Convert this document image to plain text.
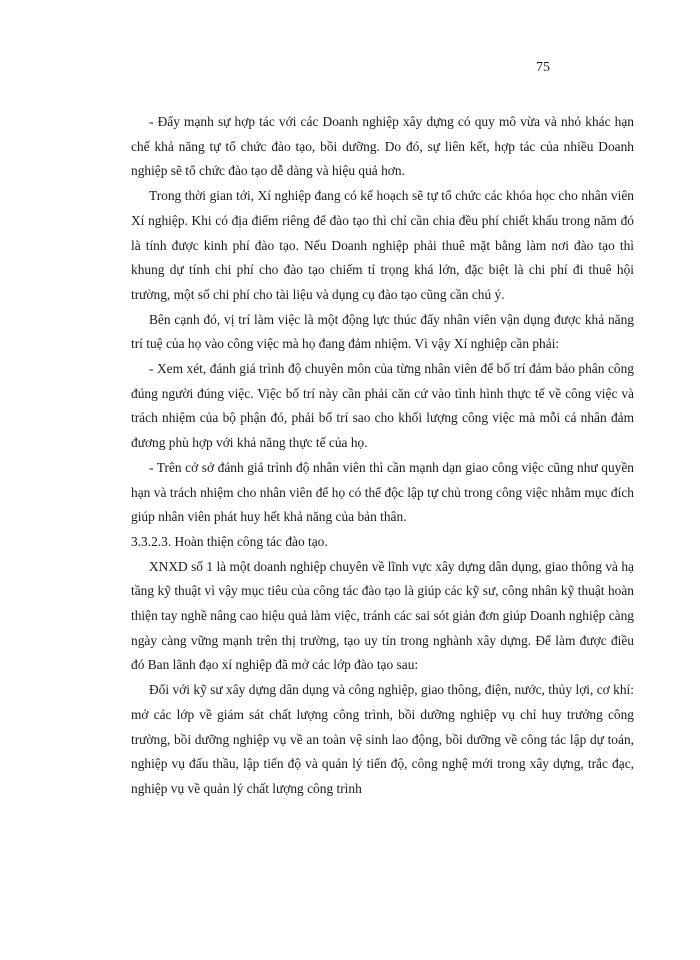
75

- Đẩy mạnh sự hợp tác với các Doanh nghiệp xây dựng có quy mô vừa và nhỏ khác hạn chế khả năng tự tổ chức đào tạo, bồi dưỡng. Do đó, sự liên kết, hợp tác của nhiều Doanh nghiệp sẽ tổ chức đào tạo dễ dàng và hiệu quả hơn.

Trong thời gian tới, Xí nghiệp đang có kế hoạch sẽ tự tổ chức các khóa học cho nhân viên Xí nghiệp. Khi có địa điểm riêng để đào tạo thì chỉ cần chia đều phí chiết khấu trong năm đó là tính được kinh phí đào tạo. Nếu Doanh nghiệp phải thuê mặt bằng làm nơi đào tạo thì khung dự tính chi phí cho đào tạo chiếm tỉ trọng khá lớn, đặc biệt là chi phí đi thuê hội trường, một số chi phí cho tài liệu và dụng cụ đào tạo cũng cần chú ý.

Bên cạnh đó, vị trí làm việc là một động lực thúc đẩy nhân viên vận dụng được khả năng trí tuệ của họ vào công việc mà họ đang đảm nhiệm. Vì vậy Xí nghiệp cần phải:

- Xem xét, đánh giá trình độ chuyên môn của từng nhân viên để bố trí đảm bảo phân công đúng người đúng việc. Việc bố trí này cần phải căn cứ vào tình hình thực tế về công việc và trách nhiệm của bộ phận đó, phải bố trí sao cho khối lượng công việc mà mỗi cá nhân đảm đương phù hợp với khả năng thực tế của họ.

- Trên cở sở đánh giá trình độ nhân viên thì cần mạnh dạn giao công việc cũng như quyền hạn và trách nhiệm cho nhân viên để họ có thể độc lập tự chủ trong công việc nhằm mục đích giúp nhân viên phát huy hết khả năng của bản thân.

3.3.2.3. Hoàn thiện công tác đào tạo.

XNXD số 1 là một doanh nghiệp chuyên về lĩnh vực xây dựng dân dụng, giao thông và hạ tầng kỹ thuật vì vậy mục tiêu của công tác đào tạo là giúp các kỹ sư, công nhân kỹ thuật hoàn thiện tay nghề nâng cao hiệu quả làm việc, tránh các sai sót giản đơn giúp Doanh nghiệp càng ngày càng vững mạnh trên thị trường, tạo uy tín trong nghành xây dựng. Để làm được điều đó Ban lãnh đạo xí nghiệp đã mở các lớp đào tạo sau:

Đối với kỹ sư xây dựng dân dụng và công nghiệp, giao thông, điện, nước, thủy lợi, cơ khí: mở các lớp về giám sát chất lượng công trình, bồi dưỡng nghiệp vụ chỉ huy trưởng công trường, bồi dưỡng nghiệp vụ về an toàn vệ sinh lao động, bồi dưỡng về công tác lập dự toán, nghiệp vụ đấu thầu, lập tiến độ và quản lý tiến độ, công nghệ mới trong xây dựng, trắc đạc, nghiệp vụ về quản lý chất lượng công trình
